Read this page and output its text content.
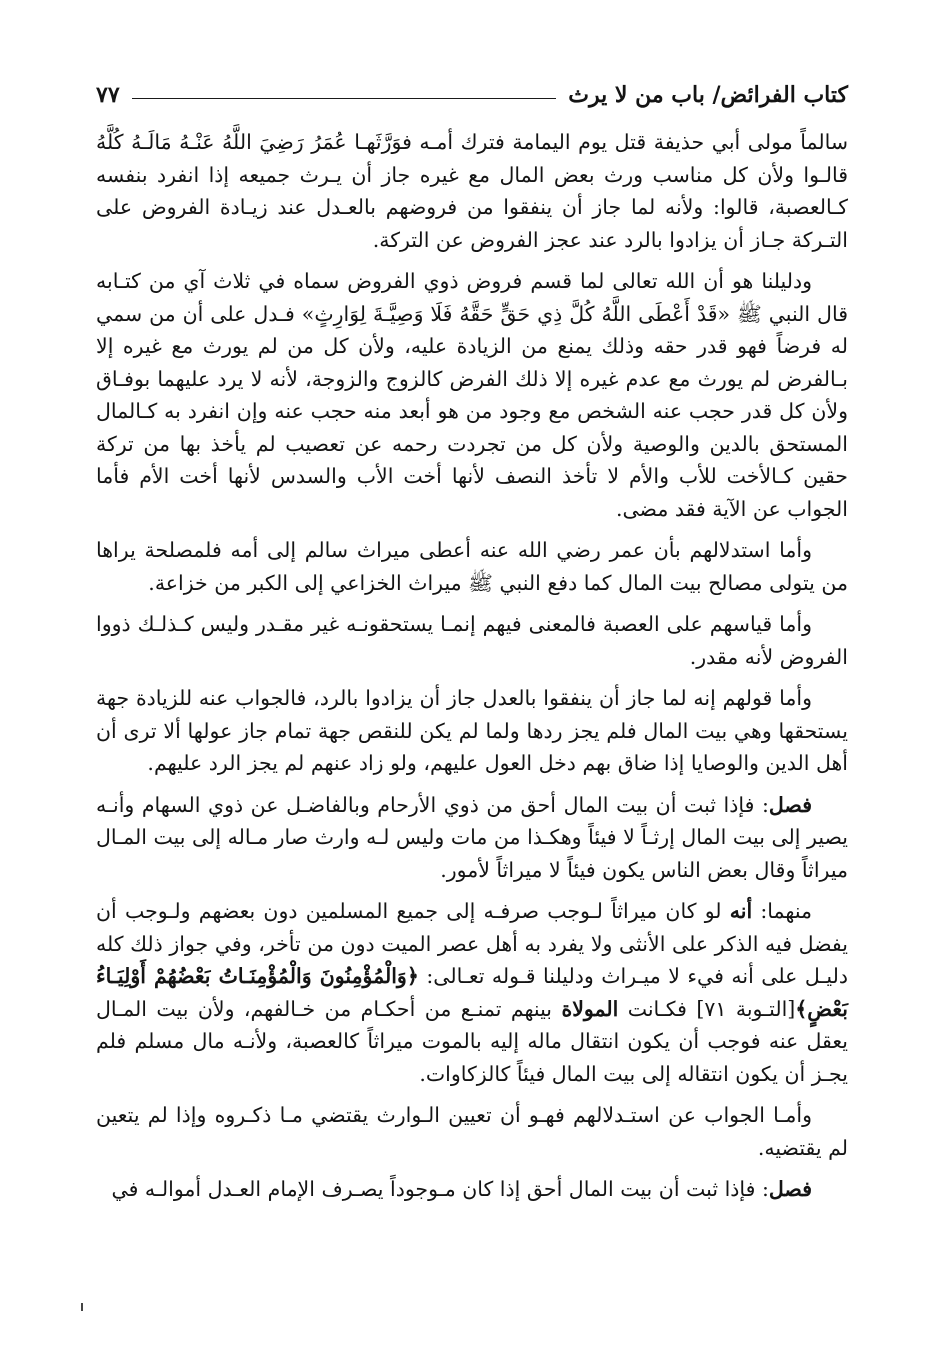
كتاب الفرائض/ باب من لا يرث
٧٧

سالماً مولى أبي حذيفة قتل يوم اليمامة فترك أمـه فوَرَّثَهـا عُمَرُ رَضِيَ اللَّهُ عَنْـهُ مَالَـهُ كُلَّهُ قالـوا ولأن كل مناسب ورث بعض المال مع غيره جاز أن يـرث جميعه إذا انفرد بنفسه كـالعصبة، قالوا: ولأنه لما جاز أن ينفقوا من فروضهم بالعـدل عند زيـادة الفروض على التـركة جـاز أن يزادوا بالرد عند عجز الفروض عن التركة.

ودليلنا هو أن الله تعالى لما قسم فروض ذوي الفروض سماه في ثلاث آي من كتـابه قال النبي ﷺ «قَدْ أَعْطَى اللَّهُ كُلَّ ذِي حَقٍّ حَقَّهُ فَلَا وَصِيَّـةَ لِوَارِثٍ» فـدل على أن من سمي له فرضاً فهو قدر حقه وذلك يمنع من الزيادة عليه، ولأن كل من لم يورث مع غيره إلا بـالفرض لم يورث مع عدم غيره إلا ذلك الفرض كالزوج والزوجة، لأنه لا يرد عليهما بوفـاق ولأن كل قدر حجب عنه الشخص مع وجود من هو أبعد منه حجب عنه وإن انفرد به كـالمال المستحق بالدين والوصية ولأن كل من تجردت رحمه عن تعصيب لم يأخذ بها من تركة حقين كـالأخت للأب والأم لا تأخذ النصف لأنها أخت الأب والسدس لأنها أخت الأم فأما الجواب عن الآية فقد مضى.

وأما استدلالهم بأن عمر رضي الله عنه أعطى ميراث سالم إلى أمه فلمصلحة يراها من يتولى مصالح بيت المال كما دفع النبي ﷺ ميراث الخزاعي إلى الكبر من خزاعة.

وأما قياسهم على العصبة فالمعنى فيهم إنمـا يستحقونـه غير مقـدر وليس كـذلـك ذووا الفروض لأنه مقدر.

وأما قولهم إنه لما جاز أن ينفقوا بالعدل جاز أن يزادوا بالرد، فالجواب عنه للزيادة جهة يستحقها وهي بيت المال فلم يجز ردها ولما لم يكن للنقص جهة تمام جاز عولها ألا ترى أن أهل الدين والوصايا إذا ضاق بهم دخل العول عليهم، ولو زاد عنهم لم يجز الرد عليهم.

فصل: فإذا ثبت أن بيت المال أحق من ذوي الأرحام وبالفاضـل عن ذوي السهام وأنـه يصير إلى بيت المال إرثـاً لا فيئاً وهكـذا من مات وليس لـه وارث صار مـاله إلى بيت المـال ميراثاً وقال بعض الناس يكون فيئاً لا ميراثاً لأمور.

منهما: أنه لو كان ميراثاً لـوجب صرفـه إلى جميع المسلمين دون بعضهم ولـوجب أن يفضل فيه الذكر على الأنثى ولا يفرد به أهل عصر الميت دون من تأخر، وفي جواز ذلك كله دليـل على أنه فيء لا ميـراث ودليلنا قـوله تعـالى: ﴿وَالْمُؤْمِنُونَ وَالْمُؤْمِنَـاتُ بَعْضُهُمْ أَوْلِيَـاءُ بَعْضٍ﴾[التـوبة ٧١] فكـانت المولاة بينهم تمنـع من أحكـام من خـالفهم، ولأن بيت المـال يعقل عنه فوجب أن يكون انتقال ماله إليه بالموت ميراثاً كالعصبة، ولأنـه مال مسلم فلم يجـز أن يكون انتقاله إلى بيت المال فيئاً كالزكاوات.

وأمـا الجواب عن استـدلالهم فهـو أن تعيين الـوارث يقتضي مـا ذكـروه وإذا لم يتعين لم يقتضيه.

فصل: فإذا ثبت أن بيت المال أحق إذا كان مـوجوداً يصـرف الإمام العـدل أموالـه في
